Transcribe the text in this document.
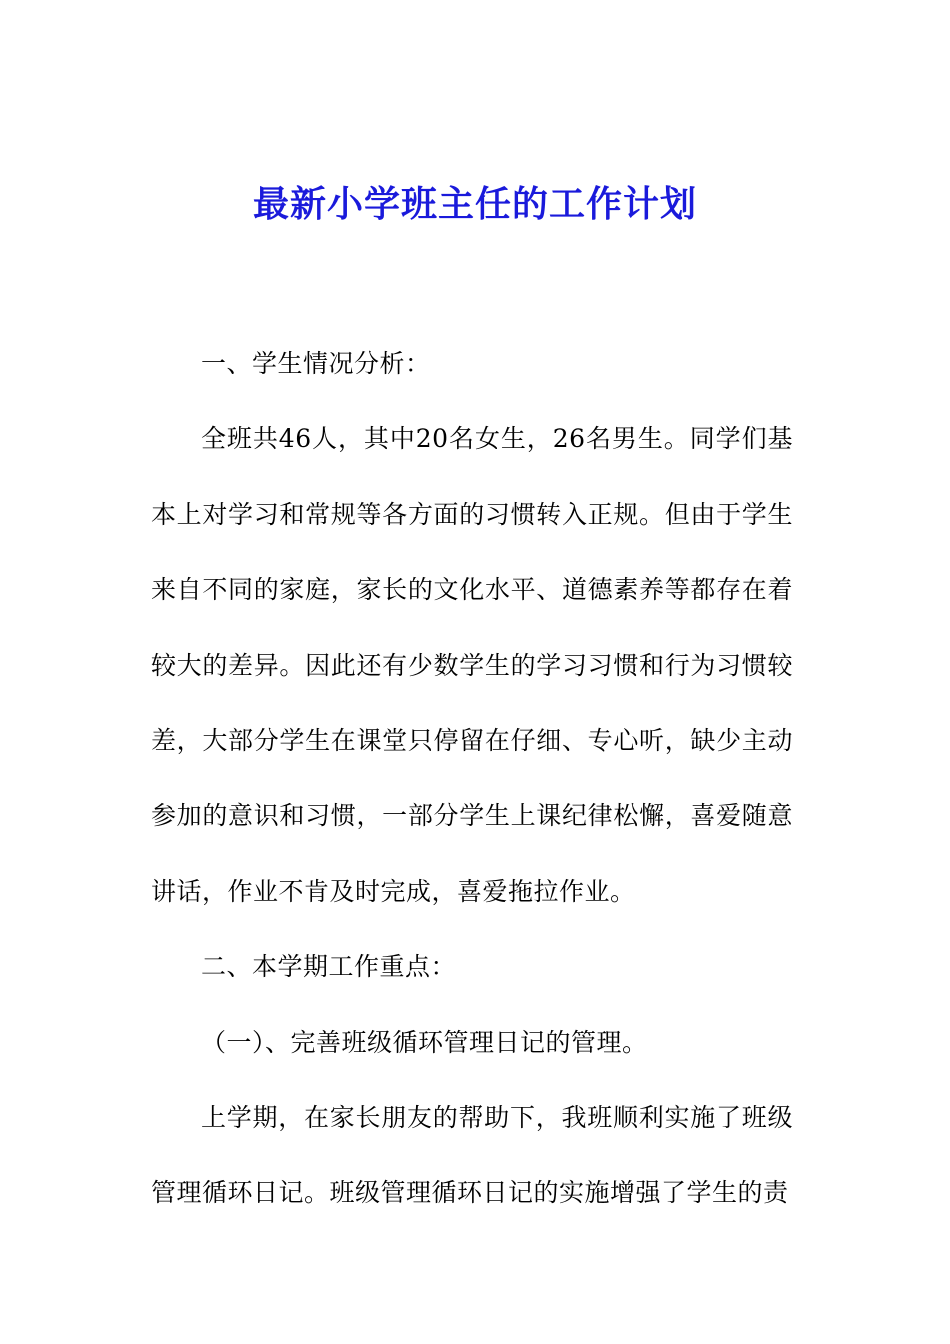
最新小学班主任的工作计划

一、学生情况分析：

全班共46人，其中20名女生，26名男生。同学们基本上对学习和常规等各方面的习惯转入正规。但由于学生来自不同的家庭，家长的文化水平、道德素养等都存在着较大的差异。因此还有少数学生的学习习惯和行为习惯较差，大部分学生在课堂只停留在仔细、专心听，缺少主动参加的意识和习惯，一部分学生上课纪律松懈，喜爱随意讲话，作业不肯及时完成，喜爱拖拉作业。

二、本学期工作重点：

（一）、完善班级循环管理日记的管理。

上学期，在家长朋友的帮助下，我班顺利实施了班级管理循环日记。班级管理循环日记的实施增强了学生的责
